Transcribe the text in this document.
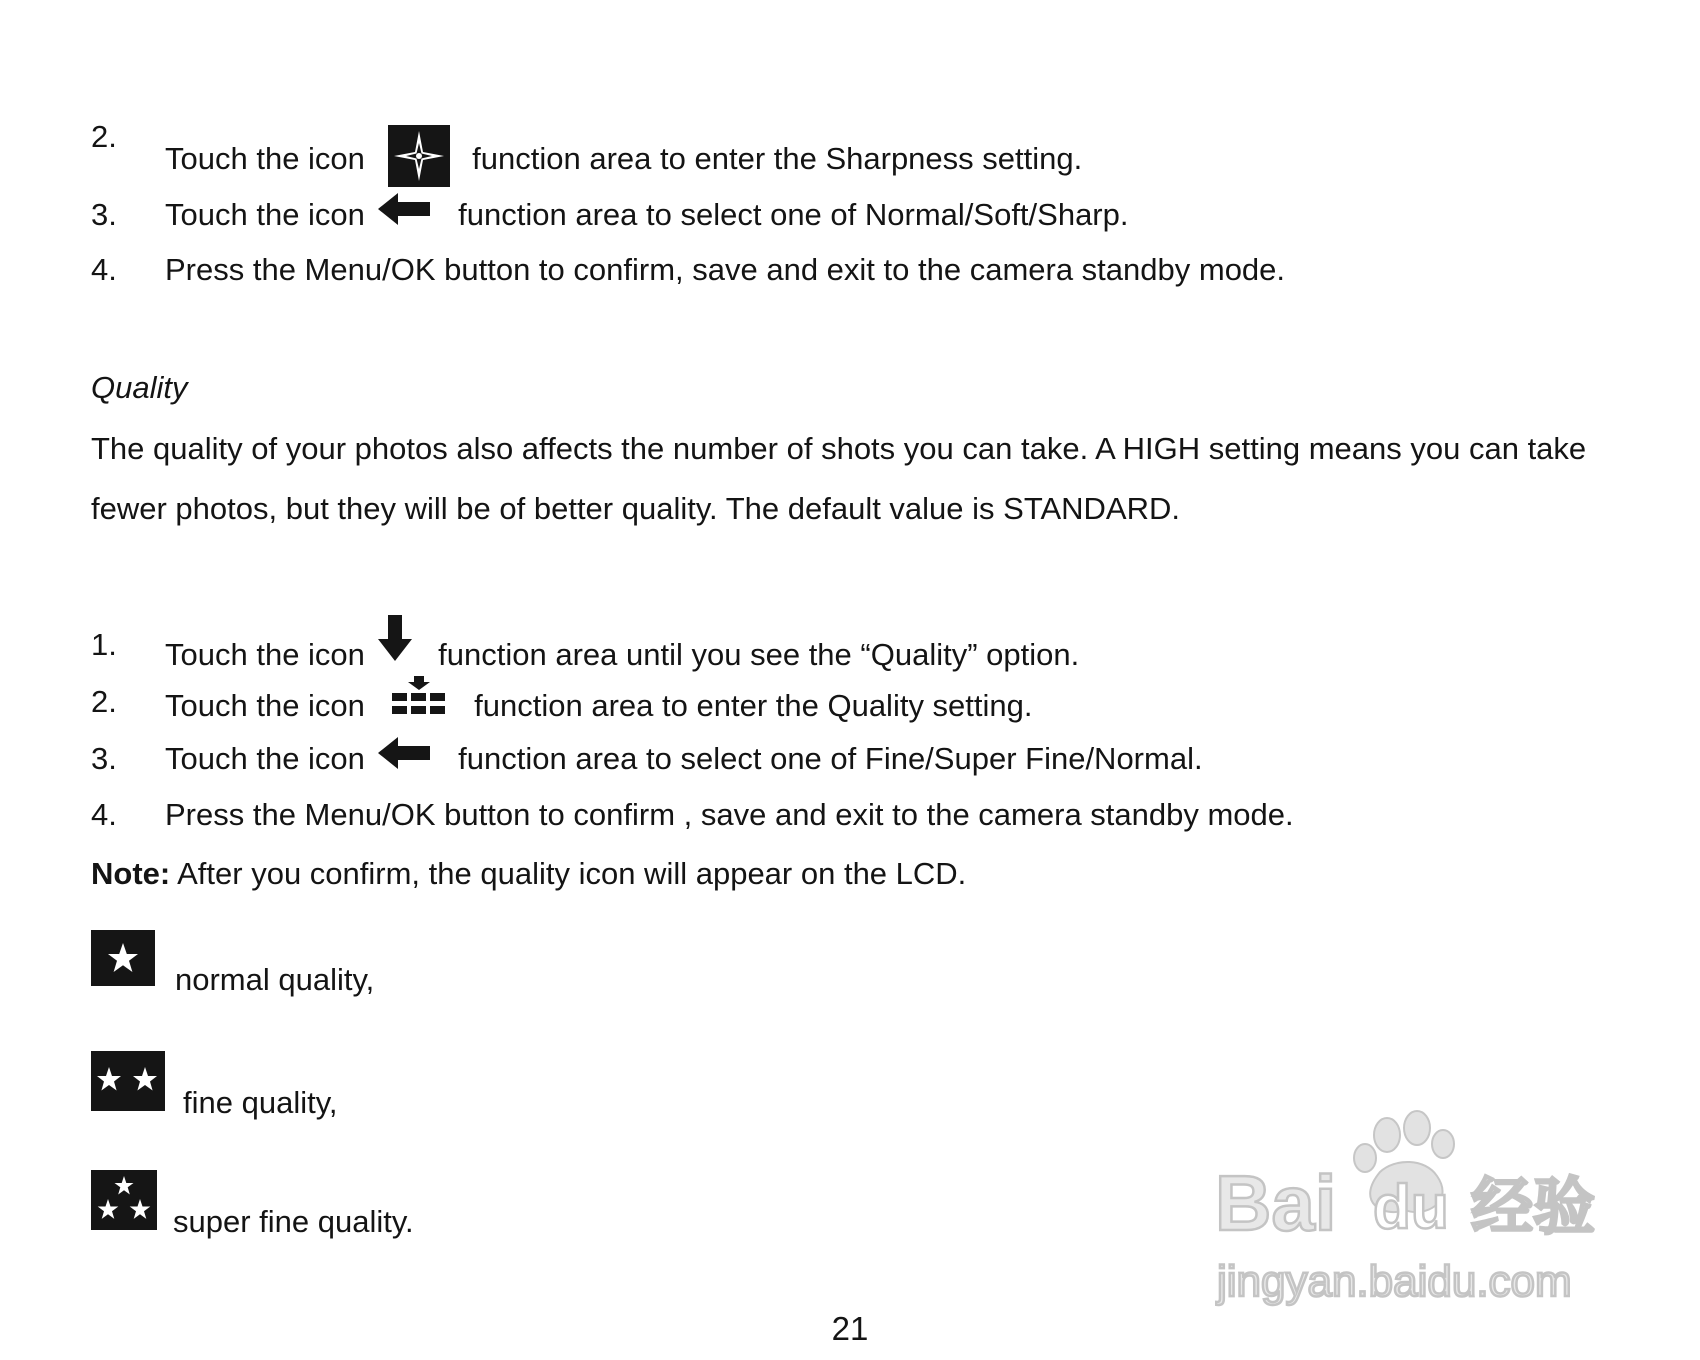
2.
Touch the icon	function area to enter the Sharpness setting.
3. Touch the icon	function area to select one of Normal/Soft/Sharp.
4. Press the Menu/OK button to confirm, save and exit to the camera standby mode.
Quality
The quality of your photos also affects the number of shots you can take. A HIGH setting means you can take
fewer photos, but they will be of better quality. The default value is STANDARD.
1. Touch the icon function area until you see the “Quality” option.
2. Touch the icon	function area to enter the Quality setting.
3. Touch the icon	function area to select one of Fine/Super Fine/Normal.
4. Press the Menu/OK button to confirm , save and exit to the camera standby mode.
Note: After you confirm, the quality icon will appear on the LCD.
normal quality,
fine quality,
super fine quality.
21
Bai du 经验
jingyan.baidu.com
